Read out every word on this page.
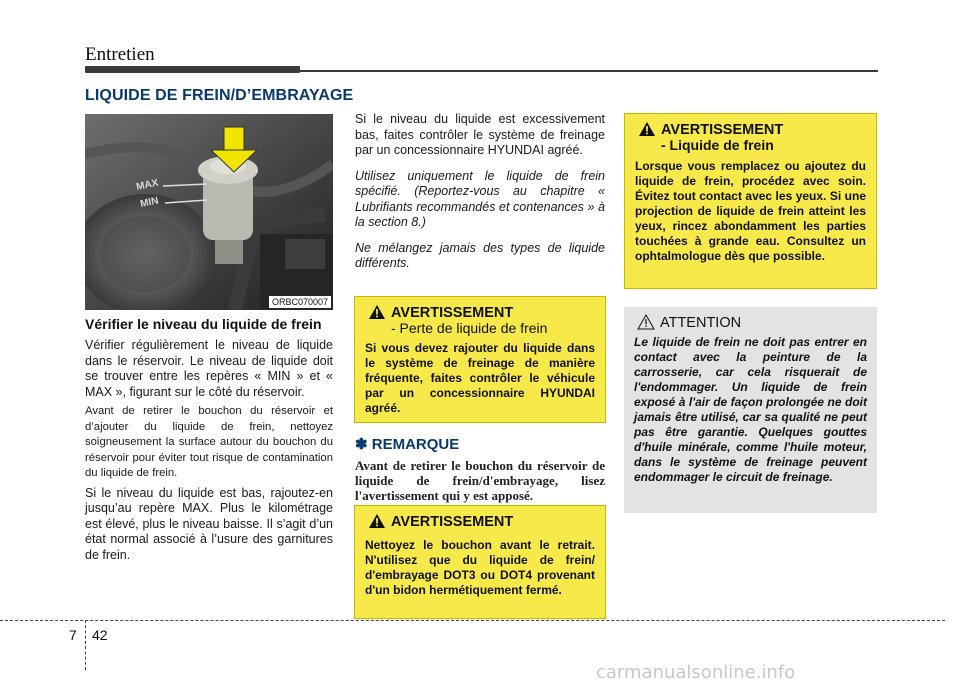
Entretien
LIQUIDE DE FREIN/D’EMBRAYAGE
MAX
MIN
ORBC070007
Vérifier le niveau du liquide de frein

Vérifier régulièrement le niveau de liquide dans le réservoir. Le niveau de liquide doit se trouver entre les repères « MIN » et « MAX », figurant sur le côté du réservoir.

Avant de retirer le bouchon du réservoir et d’ajouter du liquide de frein, nettoyez soigneusement la surface autour du bouchon du réservoir pour éviter tout risque de contamination du liquide de frein.

Si le niveau du liquide est bas, rajoutez-en jusqu’au repère MAX. Plus le kilométrage est élevé, plus le niveau baisse. Il s’agit d’un état normal associé à l’usure des garnitures de frein.

Si le niveau du liquide est excessivement bas, faites contrôler le système de freinage par un concessionnaire HYUNDAI agréé.

Utilisez uniquement le liquide de frein spécifié. (Reportez-vous au chapitre « Lubrifiants recommandés et contenances » à la section 8.)

Ne mélangez jamais des types de liquide différents.

AVERTISSEMENT
- Liquide de frein
Lorsque vous remplacez ou ajoutez du liquide de frein, procédez avec soin. Évitez tout contact avec les yeux. Si une projection de liquide de frein atteint les yeux, rincez abondamment les parties touchées à grande eau. Consultez un ophtalmologue dès que possible.
ATTENTION
Le liquide de frein ne doit pas entrer en contact avec la peinture de la carrosserie, car cela risquerait de l'endommager. Un liquide de frein exposé à l'air de façon prolongée ne doit jamais être utilisé, car sa qualité ne peut pas être garantie. Quelques gouttes d'huile minérale, comme l'huile moteur, dans le système de freinage peuvent endommager le circuit de freinage.
AVERTISSEMENT
- Perte de liquide de frein
Si vous devez rajouter du liquide dans le système de freinage de manière fréquente, faites contrôler le véhicule par un concessionnaire HYUNDAI agréé.
✽ REMARQUE
Avant de retirer le bouchon du réservoir de liquide de frein/d'embrayage, lisez l'avertissement qui y est apposé.
AVERTISSEMENT
Nettoyez le bouchon avant le retrait. N'utilisez que du liquide de frein/ d'embrayage DOT3 ou DOT4 provenant d'un bidon hermétiquement fermé.
7 42
carmanualsonline.info
